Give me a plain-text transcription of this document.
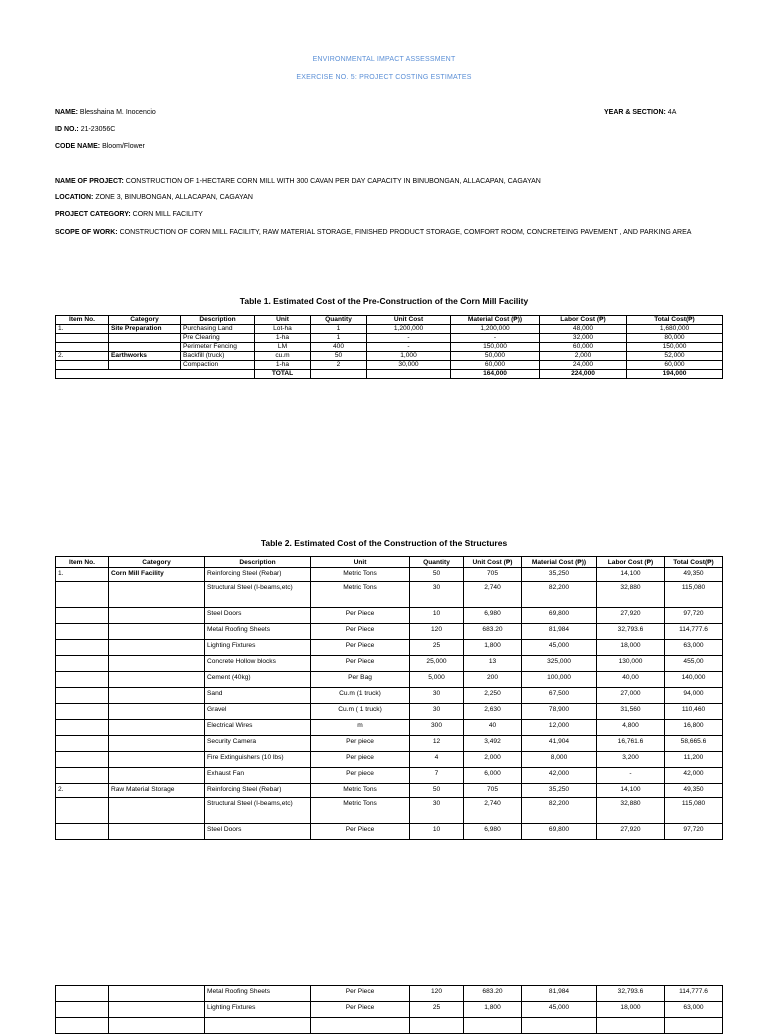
ENVIRONMENTAL IMPACT ASSESSMENT
EXERCISE NO. 5: PROJECT COSTING ESTIMATES
NAME: Blesshaina M. Inocencio	YEAR & SECTION: 4A
ID NO.: 21-23056C
CODE NAME: Bloom/Flower
NAME OF PROJECT: CONSTRUCTION OF 1-HECTARE CORN MILL WITH 300 CAVAN PER DAY CAPACITY IN BINUBONGAN, ALLACAPAN, CAGAYAN
LOCATION: ZONE 3, BINUBONGAN, ALLACAPAN, CAGAYAN
PROJECT CATEGORY: CORN MILL FACILITY
SCOPE OF WORK: CONSTRUCTION OF CORN MILL FACILITY, RAW MATERIAL STORAGE, FINISHED PRODUCT STORAGE, COMFORT ROOM, CONCRETEING PAVEMENT , AND PARKING AREA
Table 1. Estimated Cost of the Pre-Construction of the Corn Mill Facility
Item No.	Category	Description	Unit	Quantity	Unit Cost	Material Cost (₱))	Labor Cost (₱)	Total Cost(₱)
1.	Site Preparation	Purchasing Land	Lot-ha	1	1,200,000	1,200,000	48,000	1,680,000
		Pre Clearing	1-ha	1	-	-	32,000	80,000
		Perimeter Fencing	LM	400	-	150,000	60,000	150,000
2.	Earthworks	Backfill (truck)	cu.m	50	1,000	50,000	2,000	52,000
		Compaction	1-ha	2	30,000	60,000	24,000	60,000
			TOTAL			164,000	224,000	194,000
Table 2. Estimated Cost of the Construction of the Structures
Item No.	Category	Description	Unit	Quantity	Unit Cost (₱)	Material Cost (₱))	Labor Cost (₱)	Total Cost(₱)
1.	Corn Mill Facility	Reinforcing Steel (Rebar)	Metric Tons	50	705	35,250	14,100	49,350
		Structural Steel (I-beams,etc)	Metric Tons	30	2,740	82,200	32,880	115,080
		Steel Doors	Per Piece	10	6,980	69,800	27,920	97,720
		Metal Roofing Sheets	Per Piece	120	683.20	81,984	32,793.6	114,777.6
		Lighting Fixtures	Per Piece	25	1,800	45,000	18,000	63,000
		Concrete Hollow blocks	Per Piece	25,000	13	325,000	130,000	455,00
		Cement (40kg)	Per Bag	5,000	200	100,000	40,00	140,000
		Sand	Cu.m (1 truck)	30	2,250	67,500	27,000	94,000
		Gravel	Cu.m ( 1 truck)	30	2,630	78,900	31,560	110,460
		Electrical Wires	m	300	40	12,000	4,800	16,800
		Security Camera	Per piece	12	3,492	41,904	16,761.6	58,665.6
		Fire Extinguishers (10 lbs)	Per piece	4	2,000	8,000	3,200	11,200
		Exhaust Fan	Per piece	7	6,000	42,000	-	42,000
2.	Raw Material Storage	Reinforcing Steel (Rebar)	Metric Tons	50	705	35,250	14,100	49,350
		Structural Steel (I-beams,etc)	Metric Tons	30	2,740	82,200	32,880	115,080
		Steel Doors	Per Piece	10	6,980	69,800	27,920	97,720
		Metal Roofing Sheets	Per Piece	120	683.20	81,984	32,793.6	114,777.6
		Lighting Fixtures	Per Piece	25	1,800	45,000	18,000	63,000
